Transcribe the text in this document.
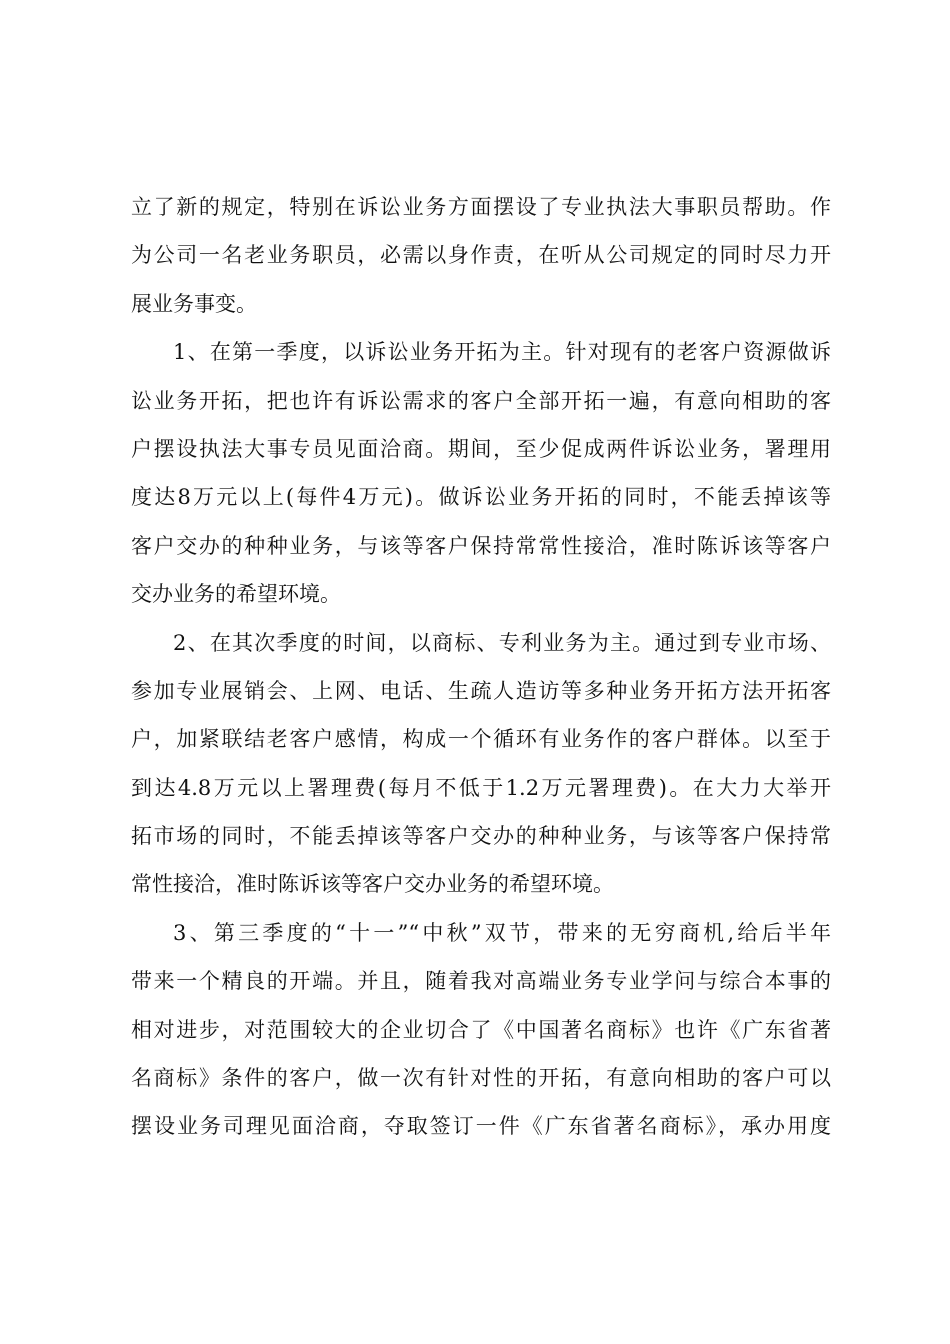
立了新的规定，特别在诉讼业务方面摆设了专业执法大事职员帮助。作
为公司一名老业务职员，必需以身作责，在听从公司规定的同时尽力开
展业务事变。
1、在第一季度，以诉讼业务开拓为主。针对现有的老客户资源做诉
讼业务开拓，把也许有诉讼需求的客户全部开拓一遍，有意向相助的客
户摆设执法大事专员见面洽商。期间，至少促成两件诉讼业务，署理用
度达8万元以上(每件4万元)。做诉讼业务开拓的同时，不能丢掉该等
客户交办的种种业务，与该等客户保持常常性接洽，准时陈诉该等客户
交办业务的希望环境。
2、在其次季度的时间，以商标、专利业务为主。通过到专业市场、
参加专业展销会、上网、电话、生疏人造访等多种业务开拓方法开拓客
户，加紧联结老客户感情，构成一个循环有业务作的客户群体。以至于
到达4.8万元以上署理费(每月不低于1.2万元署理费)。在大力大举开
拓市场的同时，不能丢掉该等客户交办的种种业务，与该等客户保持常
常性接洽，准时陈诉该等客户交办业务的希望环境。
3、第三季度的“十一”“中秋”双节，带来的无穷商机,给后半年
带来一个精良的开端。并且，随着我对高端业务专业学问与综合本事的
相对进步，对范围较大的企业切合了《中国著名商标》也许《广东省著
名商标》条件的客户，做一次有针对性的开拓，有意向相助的客户可以
摆设业务司理见面洽商，夺取签订一件《广东省著名商标》，承办用度
